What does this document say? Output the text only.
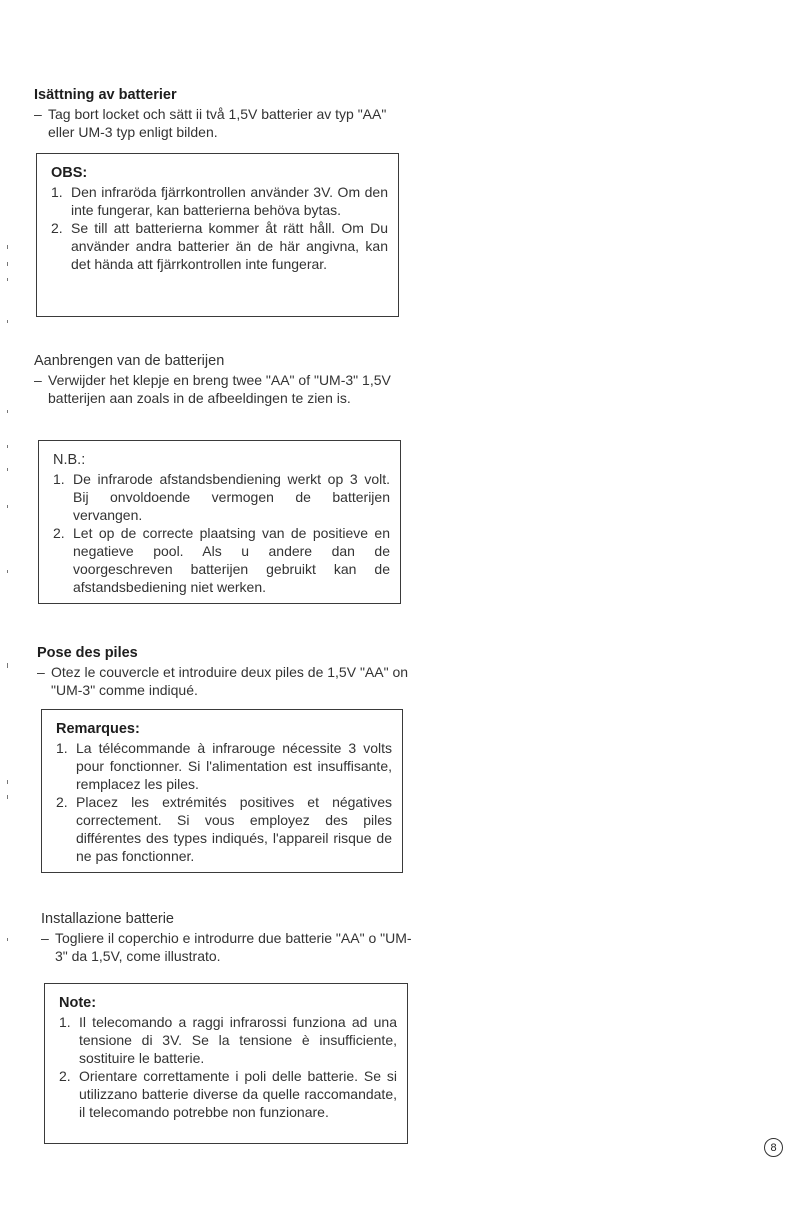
Isättning av batterier

– Tag bort locket och sätt ii två 1,5V batterier av typ "AA" eller UM-3 typ enligt bilden.

OBS:

1. Den infraröda fjärrkontrollen använder 3V. Om den inte fungerar, kan batterierna behöva bytas.
2. Se till att batterierna kommer åt rätt håll. Om Du använder andra batterier än de här angivna, kan det hända att fjärrkontrollen inte fungerar.

Aanbrengen van de batterijen

– Verwijder het klepje en breng twee "AA" of "UM-3" 1,5V batterijen aan zoals in de afbeeldingen te zien is.

N.B.:

1. De infrarode afstandsbendiening werkt op 3 volt. Bij onvoldoende vermogen de batterijen vervangen.
2. Let op de correcte plaatsing van de positieve en negatieve pool. Als u andere dan de voorgeschreven batterijen gebruikt kan de afstandsbediening niet werken.

Pose des piles

– Otez le couvercle et introduire deux piles de 1,5V "AA" on "UM-3" comme indiqué.

Remarques:

1. La télécommande à infrarouge nécessite 3 volts pour fonctionner. Si l'alimentation est insuffisante, remplacez les piles.
2. Placez les extrémités positives et négatives correctement. Si vous employez des piles différentes des types indiqués, l'appareil risque de ne pas fonctionner.

Installazione batterie

– Togliere il coperchio e introdurre due batterie "AA" o "UM-3" da 1,5V, come illustrato.

Note:

1. Il telecomando a raggi infrarossi funziona ad una tensione di 3V. Se la tensione è insufficiente, sostituire le batterie.
2. Orientare correttamente i poli delle batterie. Se si utilizzano batterie diverse da quelle raccomandate, il telecomando potrebbe non funzionare.
8
